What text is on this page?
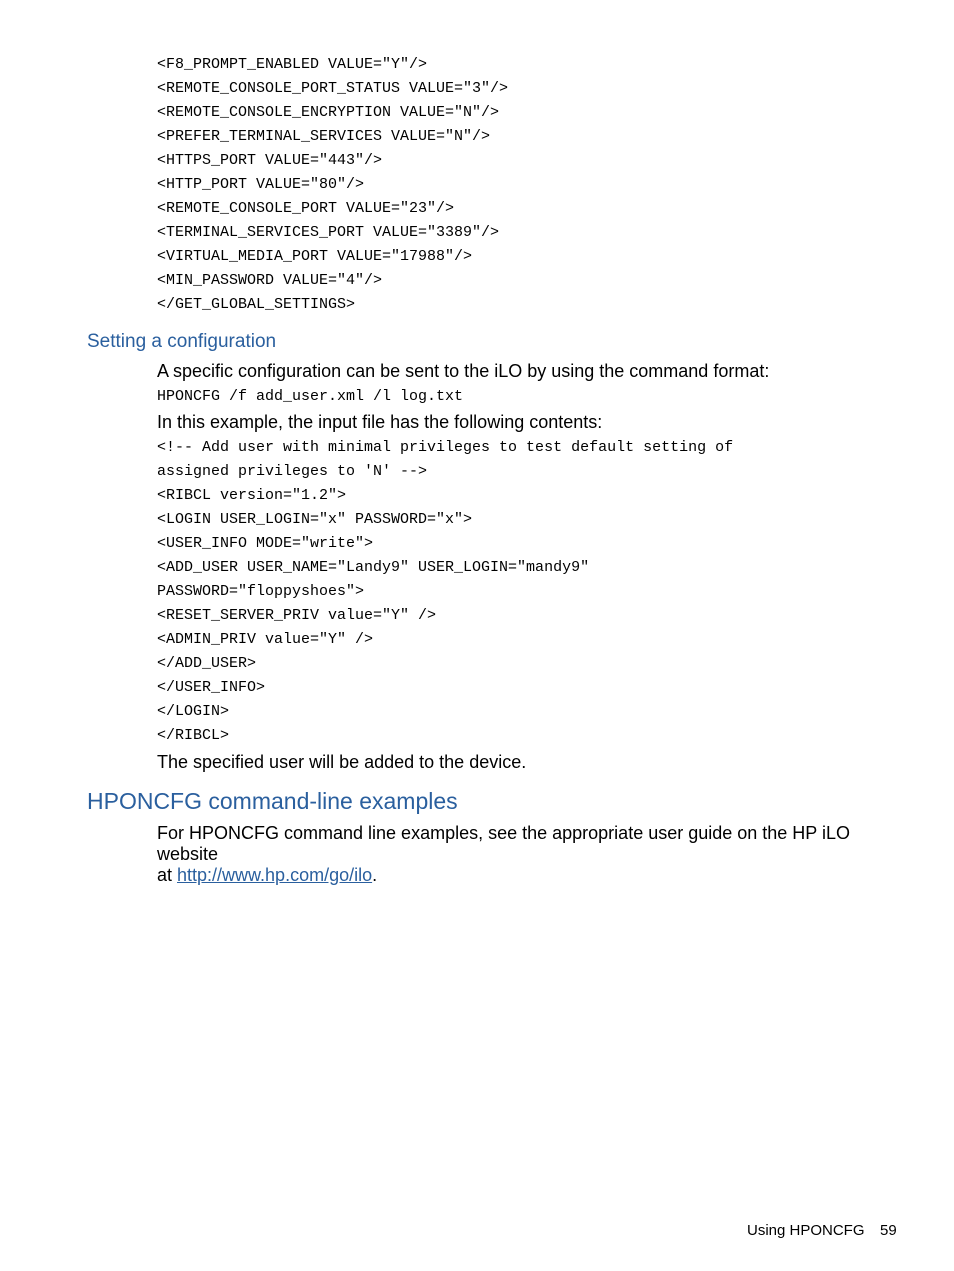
<F8_PROMPT_ENABLED VALUE="Y"/>
<REMOTE_CONSOLE_PORT_STATUS VALUE="3"/>
<REMOTE_CONSOLE_ENCRYPTION VALUE="N"/>
<PREFER_TERMINAL_SERVICES VALUE="N"/>
<HTTPS_PORT VALUE="443"/>
<HTTP_PORT VALUE="80"/>
<REMOTE_CONSOLE_PORT VALUE="23"/>
<TERMINAL_SERVICES_PORT VALUE="3389"/>
<VIRTUAL_MEDIA_PORT VALUE="17988"/>
<MIN_PASSWORD VALUE="4"/>
</GET_GLOBAL_SETTINGS>
Setting a configuration

A specific configuration can be sent to the iLO by using the command format:

HPONCFG /f add_user.xml /l log.txt

In this example, the input file has the following contents:

<!-- Add user with minimal privileges to test default setting of
assigned privileges to 'N' -->
<RIBCL version="1.2">
<LOGIN USER_LOGIN="x" PASSWORD="x">
<USER_INFO MODE="write">
<ADD_USER USER_NAME="Landy9" USER_LOGIN="mandy9"
PASSWORD="floppyshoes">
<RESET_SERVER_PRIV value="Y" />
<ADMIN_PRIV value="Y" />
</ADD_USER>
</USER_INFO>
</LOGIN>
</RIBCL>

The specified user will be added to the device.

HPONCFG command-line examples

For HPONCFG command line examples, see the appropriate user guide on the HP iLO website
at http://www.hp.com/go/ilo.

Using HPONCFG 59
